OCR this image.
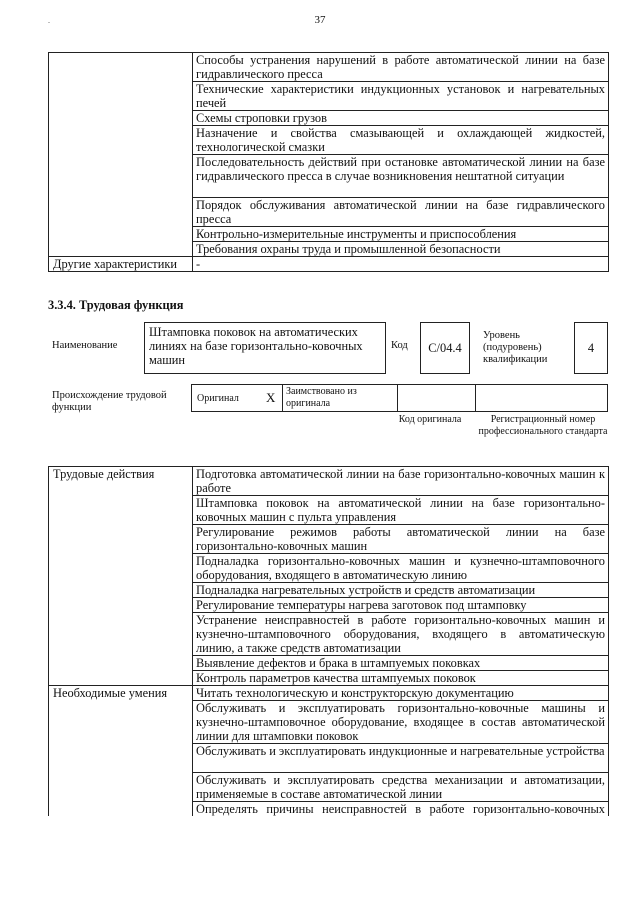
37
.
	Способы устранения нарушений в работе автоматической линии на базе гидравлического пресса
	Технические характеристики индукционных установок и нагревательных печей
	Схемы строповки грузов
	Назначение и свойства смазывающей и охлаждающей жидкостей, технологической смазки
	Последовательность действий при остановке автоматической линии на базе гидравлического пресса в случае возникновения нештатной ситуации
	Порядок обслуживания автоматической линии на базе гидравлического пресса
	Контрольно-измерительные инструменты и приспособления
	Требования охраны труда и промышленной безопасности
Другие характеристики	-
3.3.4. Трудовая функция
Наименование
Штамповка поковок на автоматических линиях на базе горизонтально-ковочных машин
Код	C/04.4
Уровень (подуровень) квалификации
4
Происхождение трудовой функции
Оригинал X Заимствовано из оригинала
Код оригинала	Регистрационный номер профессионального стандарта
Трудовые действия	Подготовка автоматической линии на базе горизонтально-ковочных машин к работе
	Штамповка поковок на автоматической линии на базе горизонтально-ковочных машин с пульта управления
	Регулирование режимов работы автоматической линии на базе горизонтально-ковочных машин
	Подналадка горизонтально-ковочных машин и кузнечно-штамповочного оборудования, входящего в автоматическую линию
	Подналадка нагревательных устройств и средств автоматизации
	Регулирование температуры нагрева заготовок под штамповку
	Устранение неисправностей в работе горизонтально-ковочных машин и кузнечно-штамповочного оборудования, входящего в автоматическую линию, а также средств автоматизации
	Выявление дефектов и брака в штампуемых поковках
	Контроль параметров качества штампуемых поковок
Необходимые умения	Читать технологическую и конструкторскую документацию
	Обслуживать и эксплуатировать горизонтально-ковочные машины и кузнечно-штамповочное оборудование, входящее в состав автоматической линии для штамповки поковок
	Обслуживать и эксплуатировать индукционные и нагревательные устройства
	Обслуживать и эксплуатировать средства механизации и автоматизации, применяемые в составе автоматической линии
	Определять причины неисправностей в работе горизонтально-ковочных
